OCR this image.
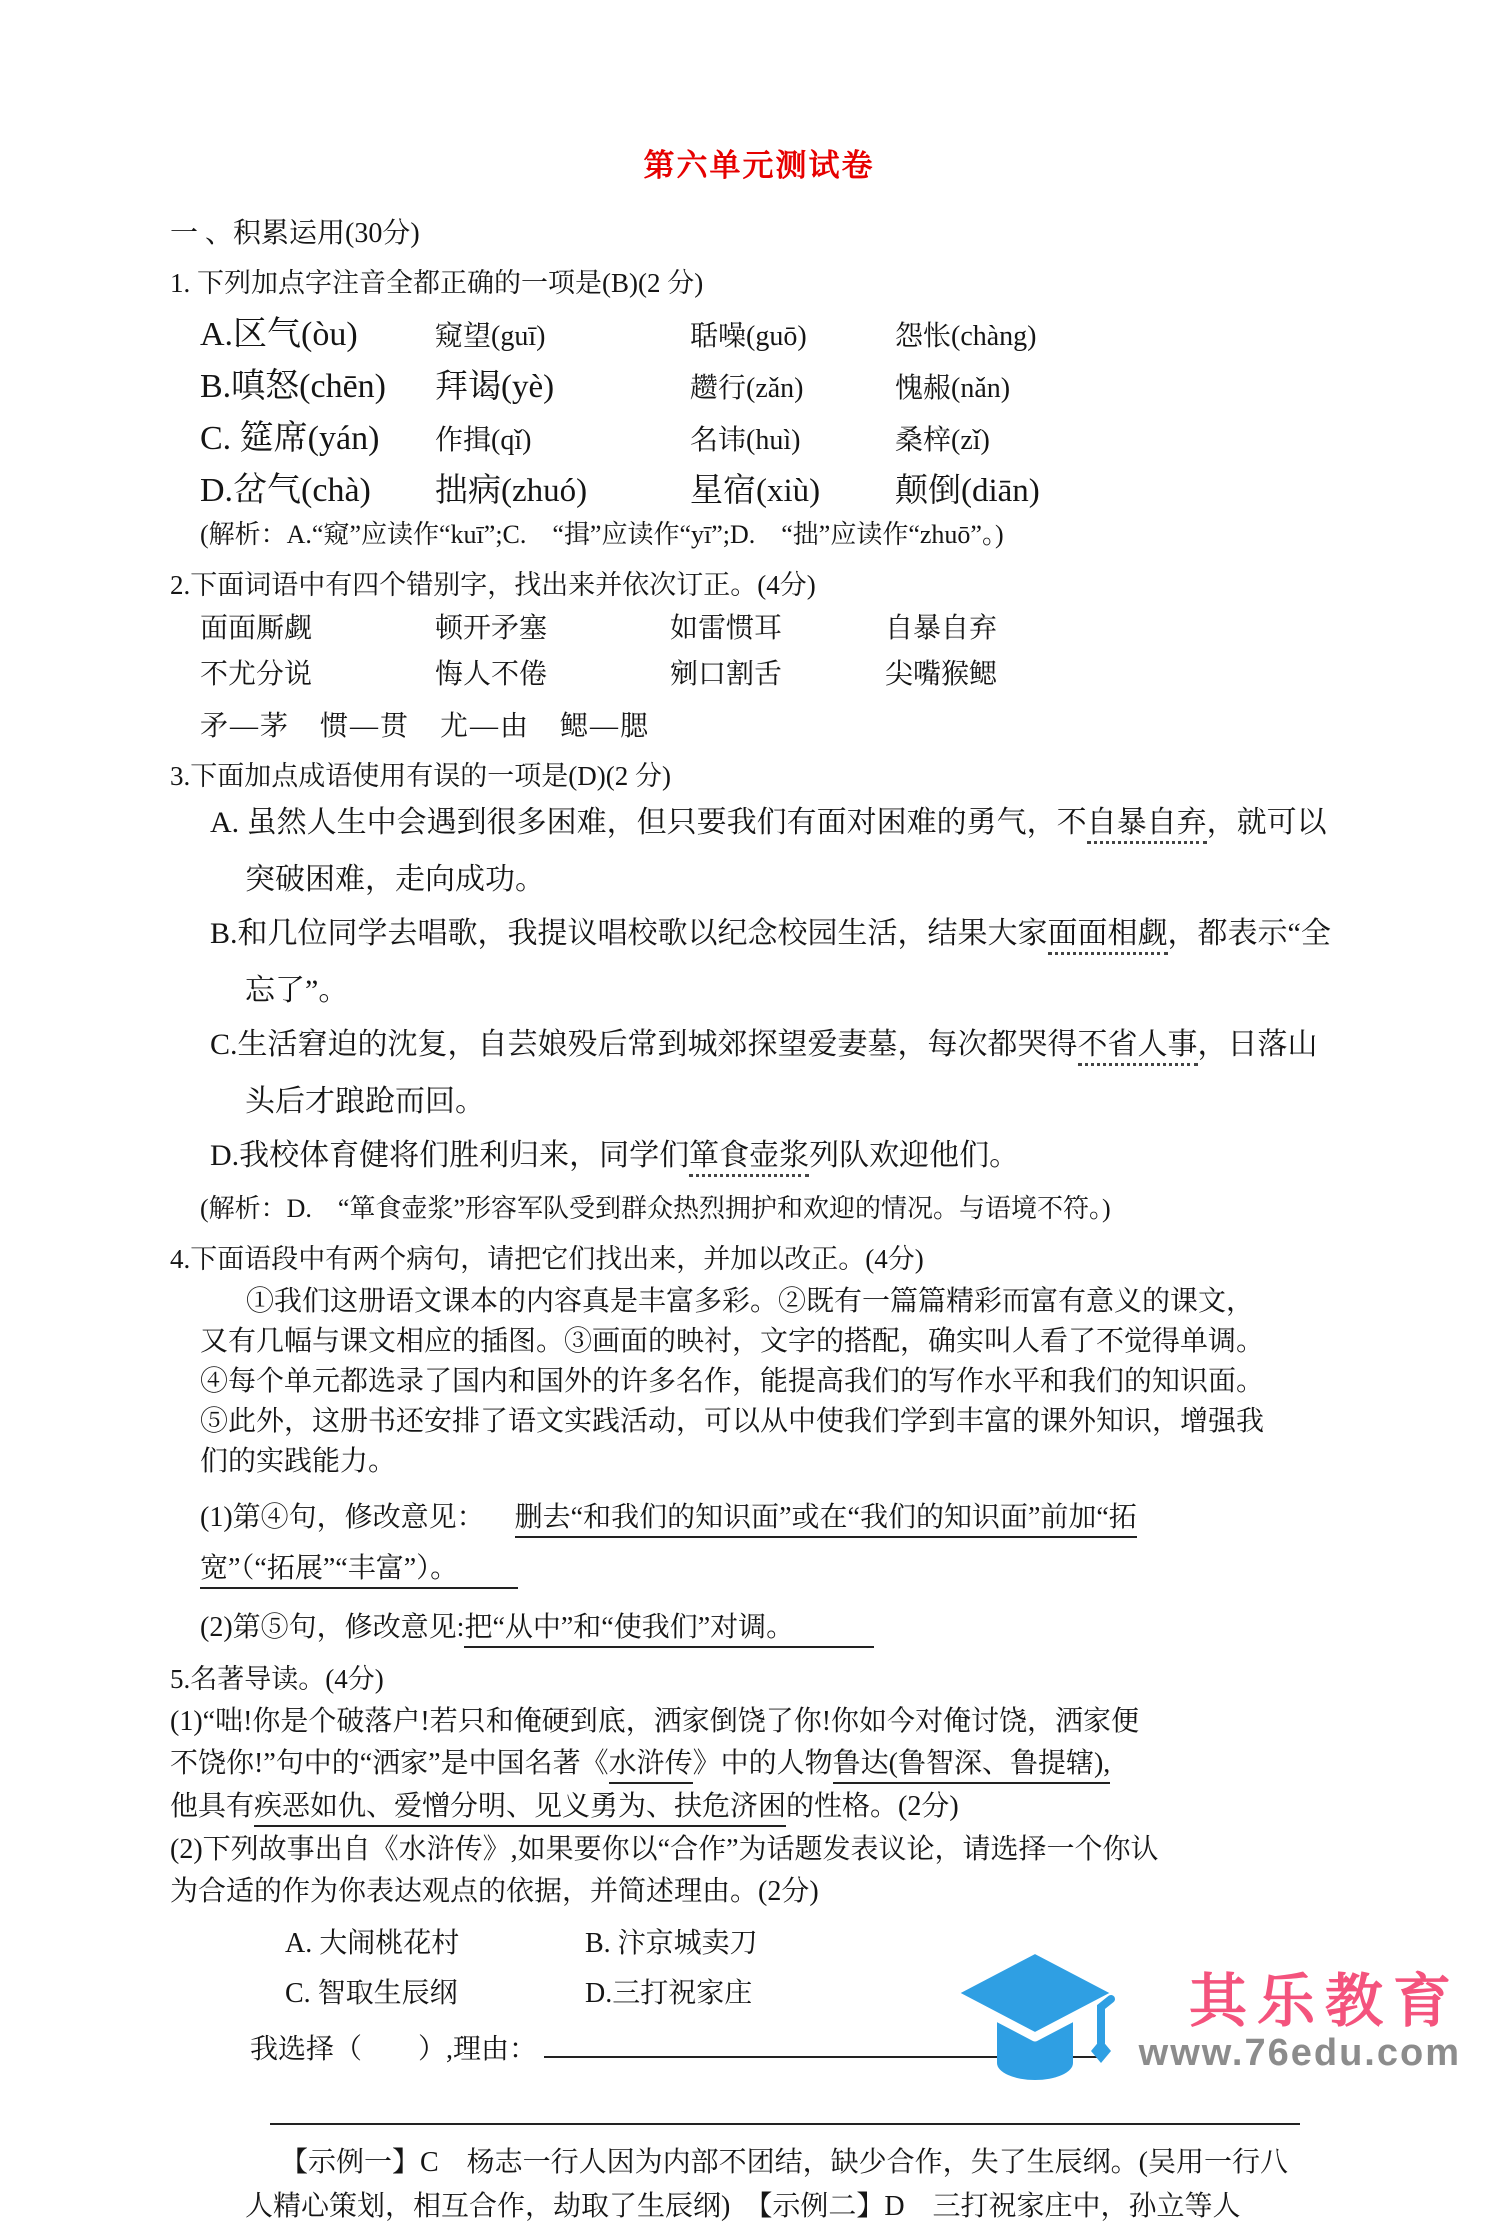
第六单元测试卷
一 、积累运用(30分)
1. 下列加点字注音全都正确的一项是(B)(2 分)
A.区气(òu)	窥望(guī)	聒噪(guō)	怨怅(chàng)
B.嗔怒(chēn)	拜谒(yè)	趱行(zǎn)	愧赧(nǎn)
C. 筵席(yán)	作揖(qǐ)	名讳(huì)	桑梓(zǐ)
D.岔气(chà)	拙病(zhuó)	星宿(xiù)	颠倒(diān)
(解析：A.“窥”应读作“kuī”;C.　“揖”应读作“yī”;D.　“拙”应读作“zhuō”。)
2.下面词语中有四个错别字，找出来并依次订正。(4分)
面面厮觑	顿开矛塞	如雷惯耳	自暴自弃
不尤分说	悔人不倦	剜口割舌	尖嘴猴鳃
矛—茅　惯—贯　尤—由　鳃—腮
3.下面加点成语使用有误的一项是(D)(2 分)
A. 虽然人生中会遇到很多困难，但只要我们有面对困难的勇气，不自暴自弃，就可以
突破困难，走向成功。
B.和几位同学去唱歌，我提议唱校歌以纪念校园生活，结果大家面面相觑，都表示“全
忘了”。
C.生活窘迫的沈复，自芸娘殁后常到城郊探望爱妻墓，每次都哭得不省人事，日落山
头后才踉跄而回。
D.我校体育健将们胜利归来，同学们箪食壶浆列队欢迎他们。
(解析：D.　“箪食壶浆”形容军队受到群众热烈拥护和欢迎的情况。与语境不符。)
4.下面语段中有两个病句，请把它们找出来，并加以改正。(4分)
①我们这册语文课本的内容真是丰富多彩。②既有一篇篇精彩而富有意义的课文，
又有几幅与课文相应的插图。③画面的映衬，文字的搭配，确实叫人看了不觉得单调。
④每个单元都选录了国内和国外的许多名作，能提高我们的写作水平和我们的知识面。
⑤此外，这册书还安排了语文实践活动，可以从中使我们学到丰富的课外知识，增强我
们的实践能力。
(1)第④句，修改意见： 删去“和我们的知识面”或在“我们的知识面”前加“拓
宽”（“拓展”“丰富”）。
(2)第⑤句，修改意见:把“从中”和“使我们”对调。
5.名著导读。(4分)
(1)“咄!你是个破落户!若只和俺硬到底，洒家倒饶了你!你如今对俺讨饶，洒家便
不饶你!”句中的“洒家”是中国名著《水浒传》中的人物鲁达(鲁智深、鲁提辖),
他具有疾恶如仇、爱憎分明、见义勇为、扶危济困的性格。(2分)
(2)下列故事出自《水浒传》,如果要你以“合作”为话题发表议论，请选择一个你认
为合适的作为你表达观点的依据，并简述理由。(2分)
A. 大闹桃花村	B. 汴京城卖刀
C. 智取生辰纲	D.三打祝家庄
我选择（　　）,理由：
【示例一】C　杨志一行人因为内部不团结，缺少合作，失了生辰纲。(吴用一行八
人精心策划，相互合作，劫取了生辰纲)　【示例二】D　三打祝家庄中，孙立等人
其乐教育
www.76edu.com
